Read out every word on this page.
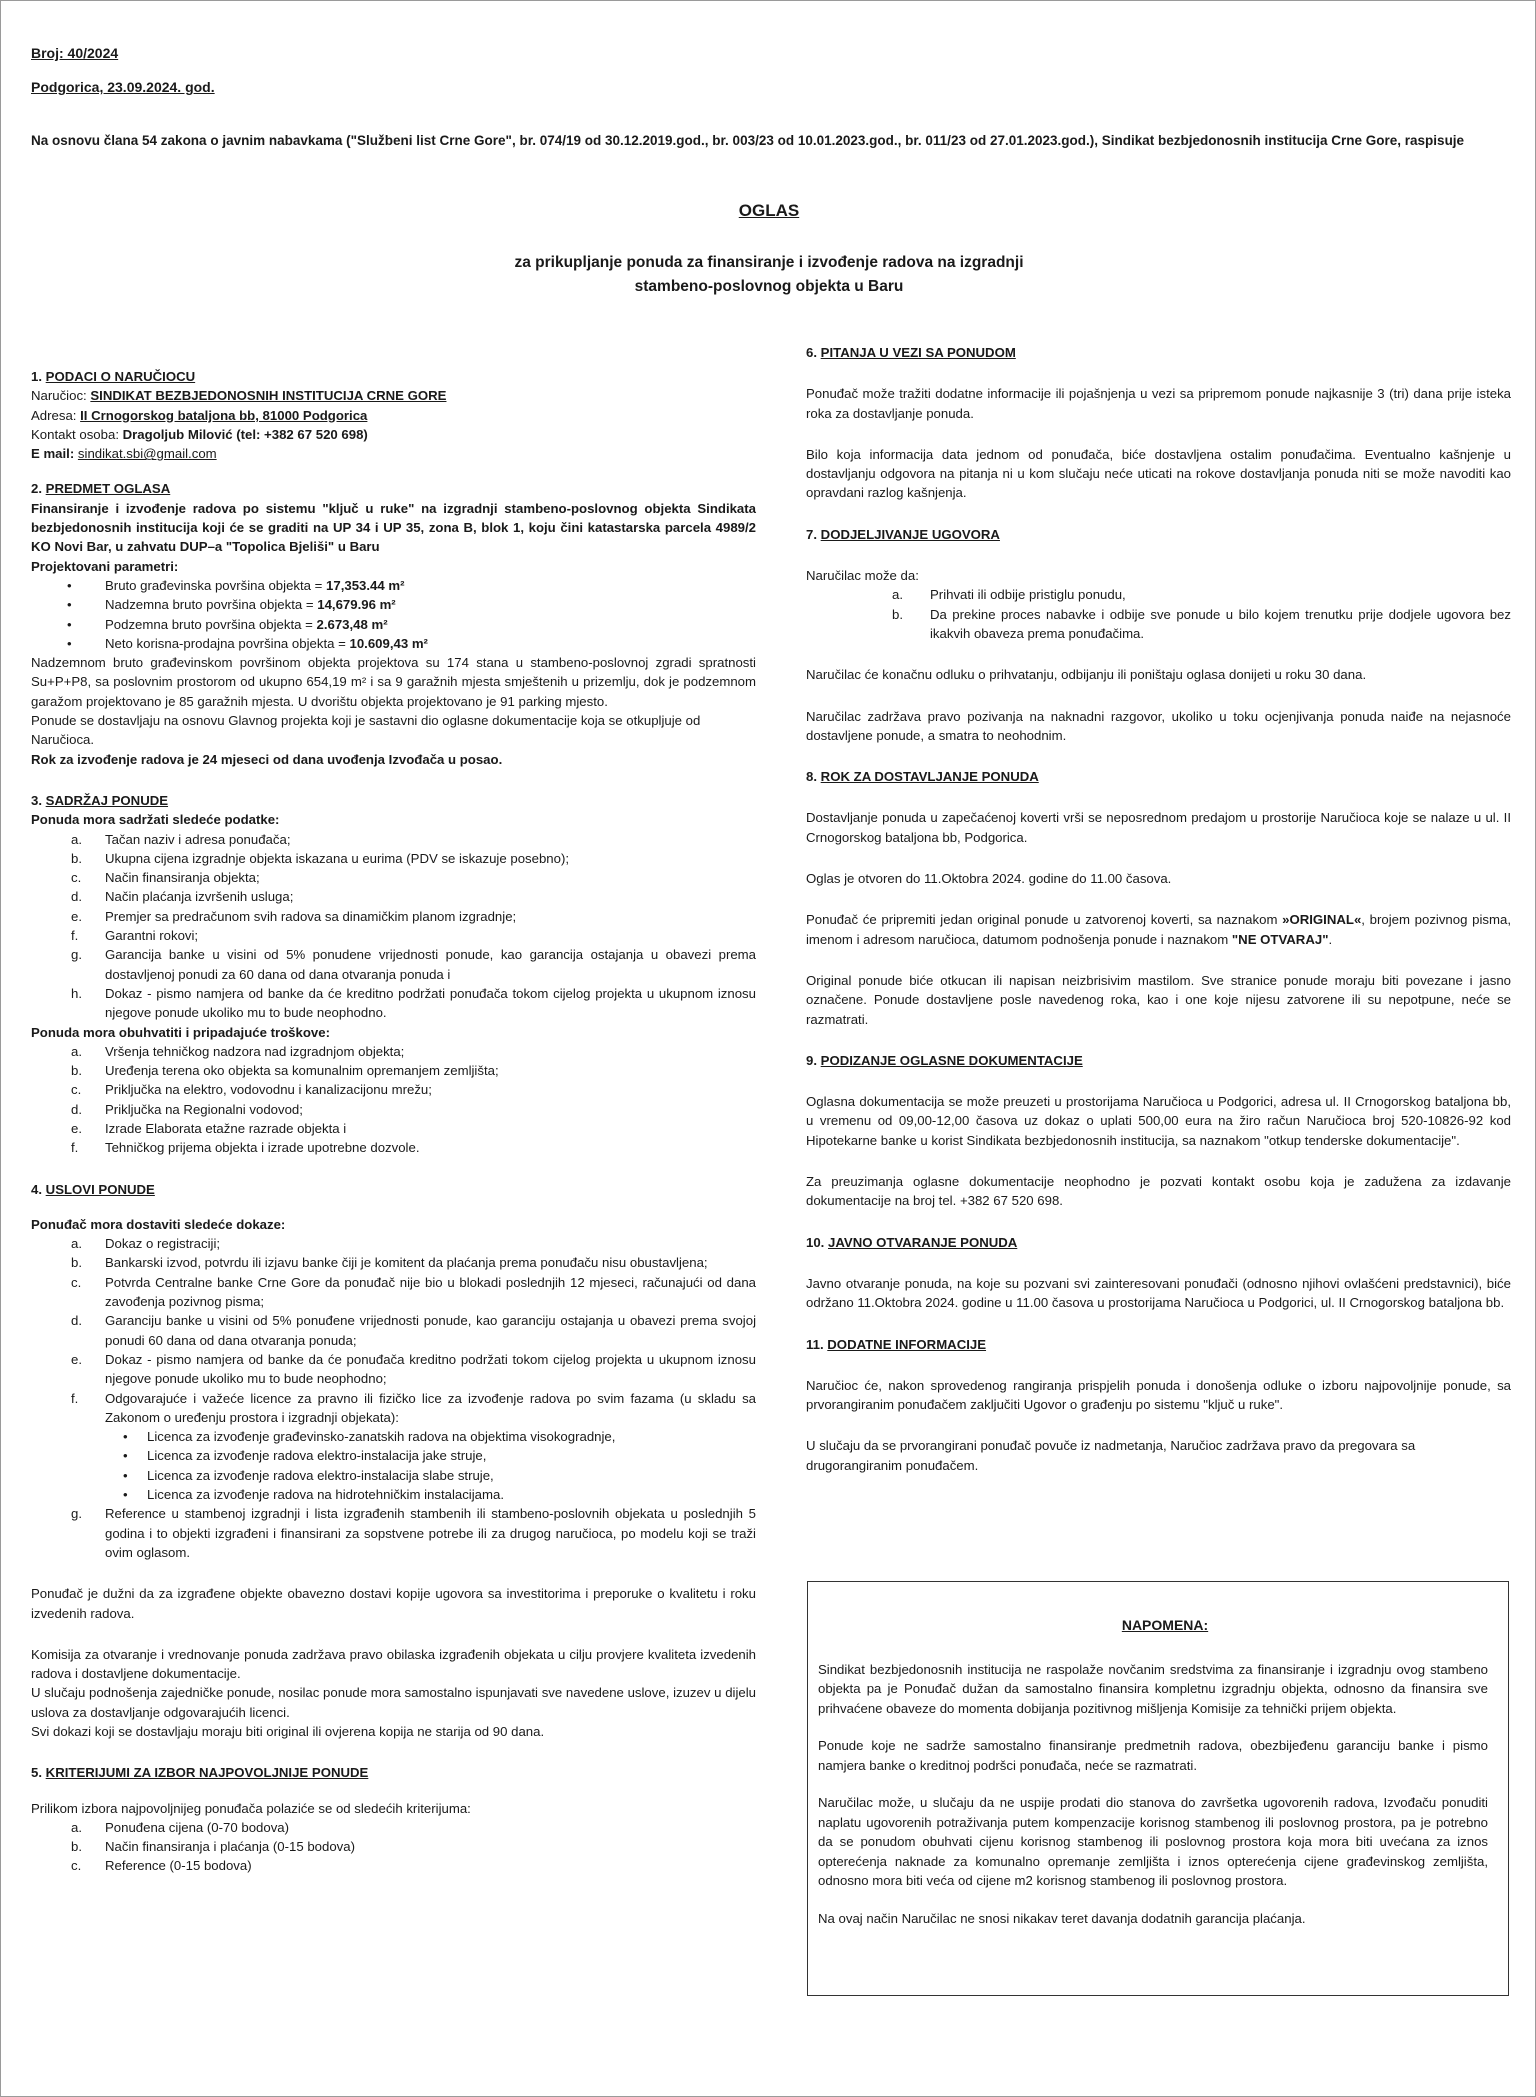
Broj: 40/2024
Podgorica, 23.09.2024. god.
Na osnovu člana 54 zakona o javnim nabavkama ("Službeni list Crne Gore", br. 074/19 od 30.12.2019.god., br. 003/23 od 10.01.2023.god., br. 011/23 od 27.01.2023.god.), Sindikat bezbjedonosnih institucija Crne Gore, raspisuje
OGLAS
za prikupljanje ponuda za finansiranje i izvođenje radova na izgradnji
stambeno-poslovnog objekta u Baru
1. PODACI O NARUČIOCU
Naručioc: SINDIKAT BEZBJEDONOSNIH INSTITUCIJA CRNE GORE
Adresa: II Crnogorskog bataljona bb, 81000 Podgorica
Kontakt osoba: Dragoljub Milović (tel: +382 67 520 698)
E mail: sindikat.sbi@gmail.com
2. PREDMET OGLASA

Finansiranje i izvođenje radova po sistemu "ključ u ruke" na izgradnji stambeno-poslovnog objekta Sindikata bezbjedonosnih institucija koji će se graditi na UP 34 i UP 35, zona B, blok 1, koju čini katastarska parcela 4989/2 KO Novi Bar, u zahvatu DUP–a "Topolica Bjeliši" u Baru

Projektovani parametri:
• Bruto građevinska površina objekta = 17,353.44 m²
• Nadzemna bruto površina objekta = 14,679.96 m²
• Podzemna bruto površina objekta = 2.673,48 m²
• Neto korisna-prodajna površina objekta = 10.609,43 m²

Nadzemnom bruto građevinskom površinom objekta projektova su 174 stana u stambeno-poslovnoj zgradi spratnosti Su+P+P8, sa poslovnim prostorom od ukupno 654,19 m² i sa 9 garažnih mjesta smještenih u prizemlju, dok je podzemnom garažom projektovano je 85 garažnih mjesta. U dvorištu objekta projektovano je 91 parking mjesto.

Ponude se dostavljaju na osnovu Glavnog projekta koji je sastavni dio oglasne dokumentacije koja se otkupljuje od Naručioca.

Rok za izvođenje radova je 24 mjeseci od dana uvođenja Izvođača u posao.

3. SADRŽAJ PONUDE
Ponuda mora sadržati sledeće podatke:
a. Tačan naziv i adresa ponuđača;
b. Ukupna cijena izgradnje objekta iskazana u eurima (PDV se iskazuje posebno);
c. Način finansiranja objekta;
d. Način plaćanja izvršenih usluga;
e. Premjer sa predračunom svih radova sa dinamičkim planom izgradnje;
f. Garantni rokovi;
g. Garancija banke u visini od 5% ponudene vrijednosti ponude, kao garancija ostajanja u obavezi prema dostavljenoj ponudi za 60 dana od dana otvaranja ponuda i
h. Dokaz - pismo namjera od banke da će kreditno podržati ponuđača tokom cijelog projekta u ukupnom iznosu njegove ponude ukoliko mu to bude neophodno.
Ponuda mora obuhvatiti i pripadajuće troškove:
a. Vršenja tehničkog nadzora nad izgradnjom objekta;
b. Uređenja terena oko objekta sa komunalnim opremanjem zemljišta;
c. Priključka na elektro, vodovodnu i kanalizacijonu mrežu;
d. Priključka na Regionalni vodovod;
e. Izrade Elaborata etažne razrade objekta i
f. Tehničkog prijema objekta i izrade upotrebne dozvole.
4. USLOVI PONUDE
Ponuđač mora dostaviti sledeće dokaze:
a. Dokaz o registraciji;
b. Bankarski izvod, potvrdu ili izjavu banke čiji je komitent da plaćanja prema ponuđaču nisu obustavljena;
c. Potvrda Centralne banke Crne Gore da ponuđač nije bio u blokadi poslednjih 12 mjeseci, računajući od dana zavođenja pozivnog pisma;
d. Garanciju banke u visini od 5% ponuđene vrijednosti ponude, kao garanciju ostajanja u obavezi prema svojoj ponudi 60 dana od dana otvaranja ponuda;
e. Dokaz - pismo namjera od banke da će ponuđača kreditno podržati tokom cijelog projekta u ukupnom iznosu njegove ponude ukoliko mu to bude neophodno;
f. Odgovarajuće i važeće licence za pravno ili fizičko lice za izvođenje radova po svim fazama (u skladu sa Zakonom o uređenju prostora i izgradnji objekata):
• Licenca za izvođenje građevinsko-zanatskih radova na objektima visokogradnje,
• Licenca za izvođenje radova elektro-instalacija jake struje,
• Licenca za izvođenje radova elektro-instalacija slabe struje,
• Licenca za izvođenje radova na hidrotehničkim instalacijama.
g. Reference u stambenoj izgradnji i lista izgrađenih stambenih ili stambeno-poslovnih objekata u poslednjih 5 godina i to objekti izgrađeni i finansirani za sopstvene potrebe ili za drugog naručioca, po modelu koji se traži ovim oglasom.

Ponuđač je dužni da za izgrađene objekte obavezno dostavi kopije ugovora sa investitorima i preporuke o kvalitetu i roku izvedenih radova.

Komisija za otvaranje i vrednovanje ponuda zadržava pravo obilaska izgrađenih objekata u cilju provjere kvaliteta izvedenih radova i dostavljene dokumentacije.

U slučaju podnošenja zajedničke ponude, nosilac ponude mora samostalno ispunjavati sve navedene uslove, izuzev u dijelu uslova za dostavljanje odgovarajućih licenci.

Svi dokazi koji se dostavljaju moraju biti original ili ovjerena kopija ne starija od 90 dana.

5. KRITERIJUMI ZA IZBOR NAJPOVOLJNIJE PONUDE
Prilikom izbora najpovoljnijeg ponuđača polaziće se od sledećih kriterijuma:
a. Ponuđena cijena (0-70 bodova)
b. Način finansiranja i plaćanja (0-15 bodova)
c. Reference (0-15 bodova)
6. PITANJA U VEZI SA PONUDOM

Ponuđač može tražiti dodatne informacije ili pojašnjenja u vezi sa pripremom ponude najkasnije 3 (tri) dana prije isteka roka za dostavljanje ponuda.

Bilo koja informacija data jednom od ponuđača, biće dostavljena ostalim ponuđačima. Eventualno kašnjenje u dostavljanju odgovora na pitanja ni u kom slučaju neće uticati na rokove dostavljanja ponuda niti se može navoditi kao opravdani razlog kašnjenja.

7. DODJELJIVANJE UGOVORA
Naručilac može da:
a. Prihvati ili odbije pristiglu ponudu,
b. Da prekine proces nabavke i odbije sve ponude u bilo kojem trenutku prije dodjele ugovora bez ikakvih obaveza prema ponuđačima.

Naručilac će konačnu odluku o prihvatanju, odbijanju ili poništaju oglasa donijeti u roku 30 dana.

Naručilac zadržava pravo pozivanja na naknadni razgovor, ukoliko u toku ocjenjivanja ponuda naiđe na nejasnoće dostavljene ponude, a smatra to neohodnim.

8. ROK ZA DOSTAVLJANJE PONUDA

Dostavljanje ponuda u zapečaćenoj koverti vrši se neposrednom predajom u prostorije Naručioca koje se nalaze u ul. II Crnogorskog bataljona bb, Podgorica.

Oglas je otvoren do 11.Oktobra 2024. godine do 11.00 časova.

Ponuđač će pripremiti jedan original ponude u zatvorenoj koverti, sa naznakom »ORIGINAL«, brojem pozivnog pisma, imenom i adresom naručioca, datumom podnošenja ponude i naznakom "NE OTVARAJ".

Original ponude biće otkucan ili napisan neizbrisivim mastilom. Sve stranice ponude moraju biti povezane i jasno označene. Ponude dostavljene posle navedenog roka, kao i one koje nijesu zatvorene ili su nepotpune, neće se razmatrati.

9. PODIZANJE OGLASNE DOKUMENTACIJE

Oglasna dokumentacija se može preuzeti u prostorijama Naručioca u Podgorici, adresa ul. II Crnogorskog bataljona bb, u vremenu od 09,00-12,00 časova uz dokaz o uplati 500,00 eura na žiro račun Naručioca broj 520-10826-92 kod Hipotekarne banke u korist Sindikata bezbjedonosnih institucija, sa naznakom "otkup tenderske dokumentacije".

Za preuzimanja oglasne dokumentacije neophodno je pozvati kontakt osobu koja je zadužena za izdavanje dokumentacije na broj tel. +382 67 520 698.

10. JAVNO OTVARANJE PONUDA

Javno otvaranje ponuda, na koje su pozvani svi zainteresovani ponuđači (odnosno njihovi ovlašćeni predstavnici), biće održano 11.Oktobra 2024. godine u 11.00 časova u prostorijama Naručioca u Podgorici, ul. II Crnogorskog bataljona bb.

11. DODATNE INFORMACIJE

Naručioc će, nakon sprovedenog rangiranja prispjelih ponuda i donošenja odluke o izboru najpovoljnije ponude, sa prvorangiranim ponuđačem zaključiti Ugovor o građenju po sistemu "ključ u ruke".

U slučaju da se prvorangirani ponuđač povuče iz nadmetanja, Naručioc zadržava pravo da pregovara sa drugorangiranim ponuđačem.

NAPOMENA:

Sindikat bezbjedonosnih institucija ne raspolaže novčanim sredstvima za finansiranje i izgradnju ovog stambeno objekta pa je Ponuđač dužan da samostalno finansira kompletnu izgradnju objekta, odnosno da finansira sve prihvaćene obaveze do momenta dobijanja pozitivnog mišljenja Komisije za tehnički prijem objekta.

Ponude koje ne sadrže samostalno finansiranje predmetnih radova, obezbijeđenu garanciju banke i pismo namjera banke o kreditnoj podršci ponuđača, neće se razmatrati.

Naručilac može, u slučaju da ne uspije prodati dio stanova do završetka ugovorenih radova, Izvođaču ponuditi naplatu ugovorenih potraživanja putem kompenzacije korisnog stambenog ili poslovnog prostora, pa je potrebno da se ponudom obuhvati cijenu korisnog stambenog ili poslovnog prostora koja mora biti uvećana za iznos opterećenja naknade za komunalno opremanje zemljišta i iznos opterećenja cijene građevinskog zemljišta, odnosno mora biti veća od cijene m2 korisnog stambenog ili poslovnog prostora.

Na ovaj način Naručilac ne snosi nikakav teret davanja dodatnih garancija plaćanja.
